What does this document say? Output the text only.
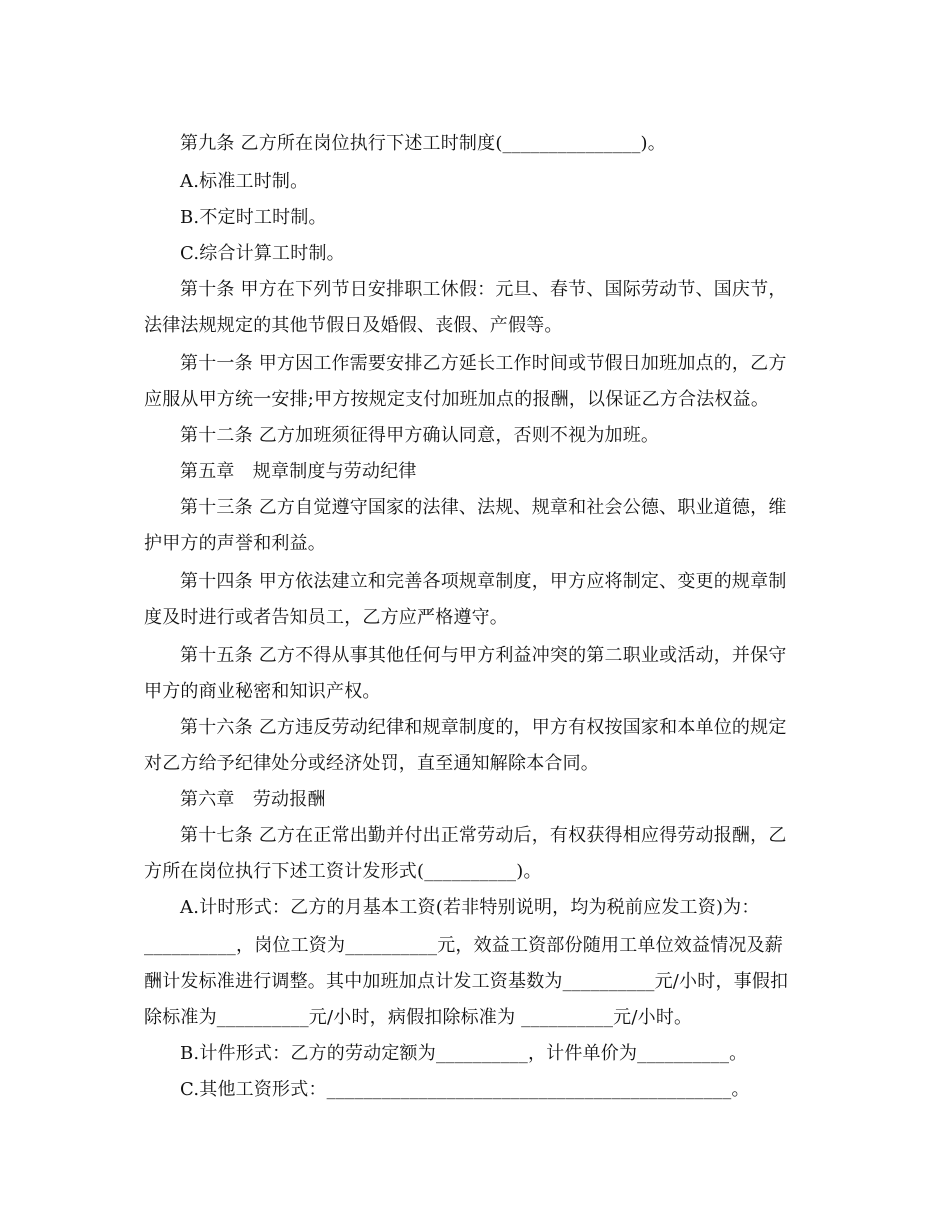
第九条 乙方所在岗位执行下述工时制度(_______________)。
A.标准工时制。
B.不定时工时制。
C.综合计算工时制。
第十条 甲方在下列节日安排职工休假：元旦、春节、国际劳动节、国庆节，
法律法规规定的其他节假日及婚假、丧假、产假等。
第十一条 甲方因工作需要安排乙方延长工作时间或节假日加班加点的，乙方
应服从甲方统一安排;甲方按规定支付加班加点的报酬，以保证乙方合法权益。
第十二条 乙方加班须征得甲方确认同意，否则不视为加班。
第五章　规章制度与劳动纪律
第十三条 乙方自觉遵守国家的法律、法规、规章和社会公德、职业道德，维
护甲方的声誉和利益。
第十四条 甲方依法建立和完善各项规章制度，甲方应将制定、变更的规章制
度及时进行或者告知员工，乙方应严格遵守。
第十五条 乙方不得从事其他任何与甲方利益冲突的第二职业或活动，并保守
甲方的商业秘密和知识产权。
第十六条 乙方违反劳动纪律和规章制度的，甲方有权按国家和本单位的规定
对乙方给予纪律处分或经济处罚，直至通知解除本合同。
第六章　劳动报酬
第十七条 乙方在正常出勤并付出正常劳动后，有权获得相应得劳动报酬，乙
方所在岗位执行下述工资计发形式(__________)。
A.计时形式：乙方的月基本工资(若非特别说明，均为税前应发工资)为：
__________，岗位工资为__________元，效益工资部份随用工单位效益情况及薪
酬计发标准进行调整。其中加班加点计发工资基数为__________元/小时，事假扣
除标准为__________元/小时，病假扣除标准为 __________元/小时。
B.计件形式：乙方的劳动定额为__________，计件单价为__________。
C.其他工资形式：____________________________________________。
